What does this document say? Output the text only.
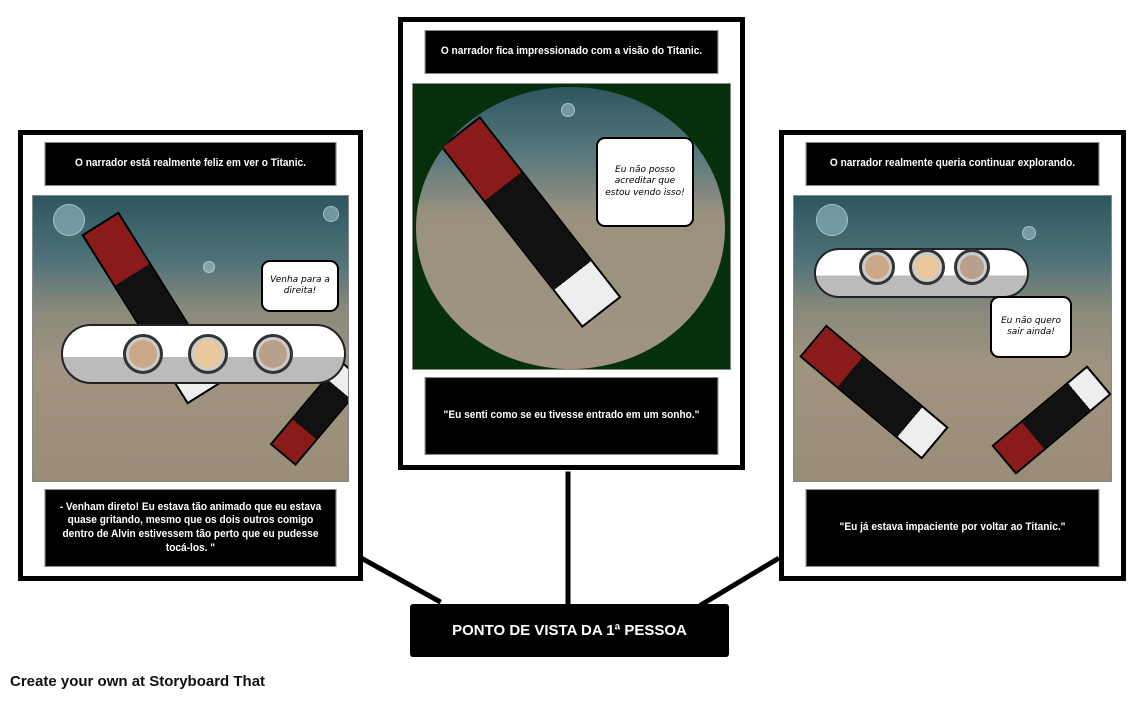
O narrador está realmente feliz em ver o Titanic.
Venha para a direita!
- Venham direto! Eu estava tão animado que eu estava quase gritando, mesmo que os dois outros comigo dentro de Alvin estivessem tão perto que eu pudesse tocá-los. "
O narrador fica impressionado com a visão do Titanic.
Eu não posso acreditar que estou vendo isso!
"Eu senti como se eu tivesse entrado em um sonho."
O narrador realmente queria continuar explorando.
Eu não quero sair ainda!
"Eu já estava impaciente por voltar ao Titanic."
PONTO DE VISTA DA 1ª PESSOA
Create your own at Storyboard That
